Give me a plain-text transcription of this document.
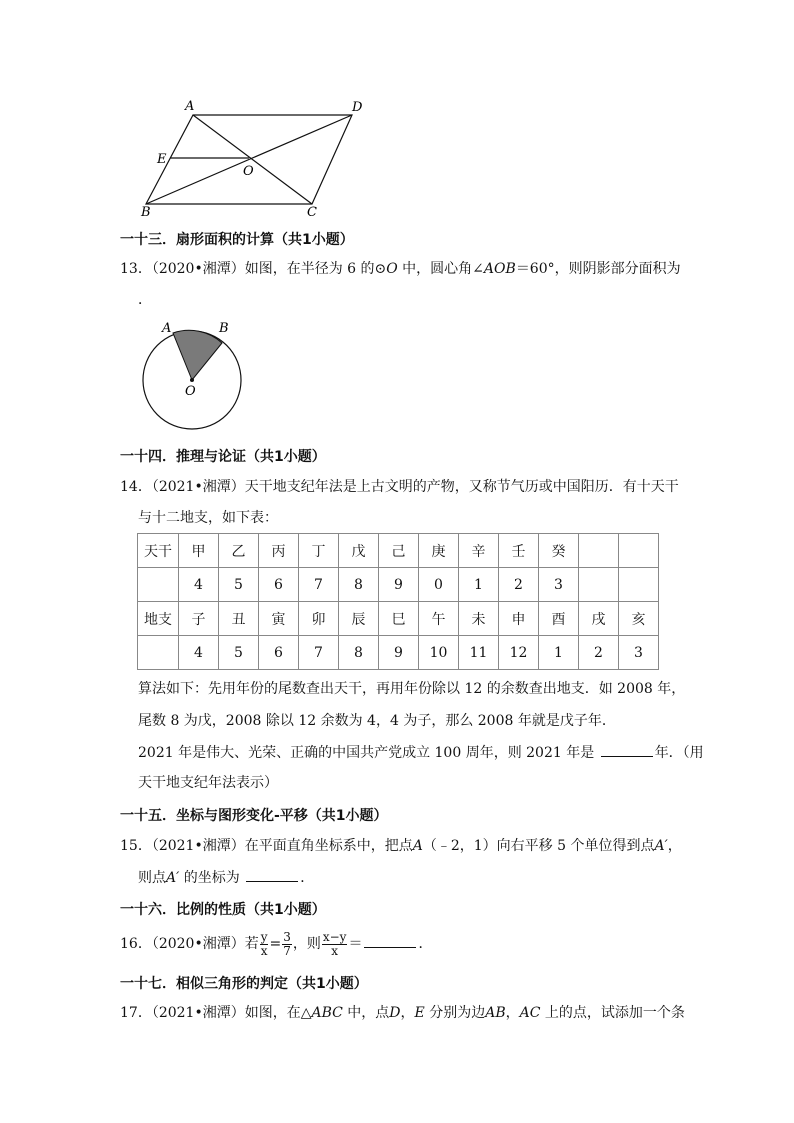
A	D
E
O
B	C
一十三．扇形面积的计算（共1小题）
13．（2020•湘潭）如图，在半径为 6 的⊙O 中，圆心角∠AOB＝60°，则阴影部分面积为
．
A	B
O
一十四．推理与论证（共1小题）
14．（2021•湘潭）天干地支纪年法是上古文明的产物，又称节气历或中国阳历．有十天干
与十二地支，如下表：
天干	甲	乙	丙	丁	戊	己	庚	辛	壬	癸		
	4	5	6	7	8	9	0	1	2	3		
地支	子	丑	寅	卯	辰	巳	午	未	申	酉	戌	亥
	4	5	6	7	8	9	10	11	12	1	2	3
算法如下：先用年份的尾数查出天干，再用年份除以 12 的余数查出地支．如 2008 年，
尾数 8 为戊，2008 除以 12 余数为 4，4 为子，那么 2008 年就是戊子年．
2021 年是伟大、光荣、正确的中国共产党成立 100 周年，则 2021 年是	年．（用
天干地支纪年法表示）
一十五．坐标与图形变化-平移（共1小题）
15．（2021•湘潭）在平面直角坐标系中，把点A（﹣2，1）向右平移 5 个单位得到点A′，
则点A′ 的坐标为	．
一十六．比例的性质（共1小题）
16．（2020•湘潭）若 $\frac{y}{x} = \frac{3}{7}$ ，则 $\frac{x-y}{x}$ ＝	．
一十七．相似三角形的判定（共1小题）
17．（2021•湘潭）如图，在△ABC 中，点D，E 分别为边AB，AC 上的点，试添加一个条
